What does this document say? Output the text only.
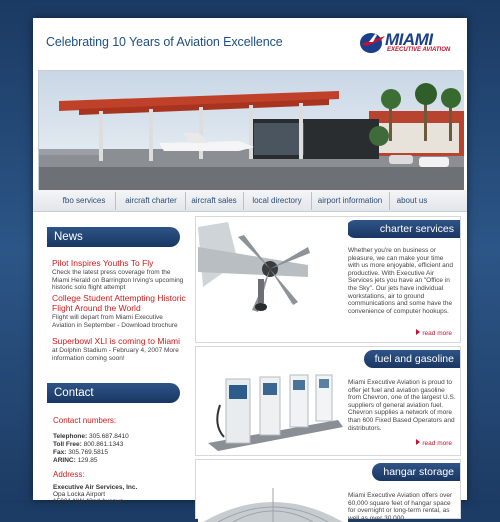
Celebrating 10 Years of Aviation Excellence	MIAMI
EXECUTIVE AVIATION
fbo services	aircraft charter	aircraft sales	local directory	airport information	about us
News
Pilot Inspires Youths To Fly
Check the latest press coverage from the Miami Herald on Barrington Irving's upcoming historic solo flight attempt
College Student Attempting Historic Flight Around the World
Flight will depart from Miami Executive Aviation in September - Download brochure
Superbowl XLI is coming to Miami
at Dolphin Stadium - February 4, 2007 More information coming soon!
Contact
Contact numbers:
Telephone: 305.687.8410
Toll Free: 800.861.1343
Fax: 305.769.5815
ARINC: 129.85
Address:
Executive Air Services, Inc.
Opa Locka Airport
15001 NW 42nd Avenue
charter services
Whether you're on business or pleasure, we can make your time with us more enjoyable, efficient and productive. With Executive Air Services jets you have an "Office in the Sky". Our jets have individual workstations, air to ground communications and some have the convenience of computer hookups.
read more
fuel and gasoline
Miami Executive Aviation is proud to offer jet fuel and aviation gasoline from Chevron, one of the largest U.S. suppliers of general aviation fuel. Chevron supplies a network of more than 600 Fixed Based Operators and distributors.
read more
hangar storage
Miami Executive Aviation offers over 60,000 square feet of hangar space for overnight or long-term rental, as well as over 30,000
